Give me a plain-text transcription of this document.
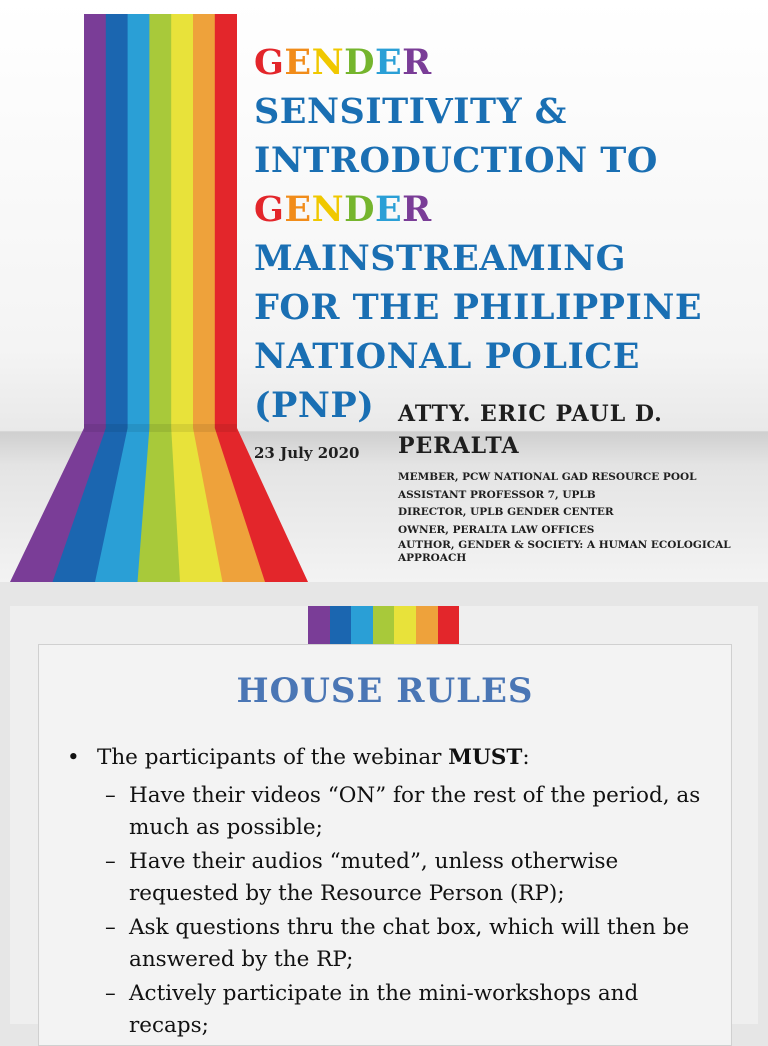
GENDER
SENSITIVITY &
INTRODUCTION TO
GENDER
MAINSTREAMING
FOR THE PHILIPPINE
NATIONAL POLICE
(PNP)
23 July 2020
ATTY. ERIC PAUL D.
PERALTA
MEMBER, PCW NATIONAL GAD RESOURCE POOL
ASSISTANT PROFESSOR 7, UPLB
DIRECTOR, UPLB GENDER CENTER
OWNER, PERALTA LAW OFFICES
AUTHOR, GENDER & SOCIETY: A HUMAN ECOLOGICAL
APPROACH
HOUSE RULES
• The participants of the webinar MUST:
– Have their videos “ON” for the rest of the period, as much as possible;
– Have their audios “muted”, unless otherwise requested by the Resource Person (RP);
– Ask questions thru the chat box, which will then be answered by the RP;
– Actively participate in the mini-workshops and recaps;
